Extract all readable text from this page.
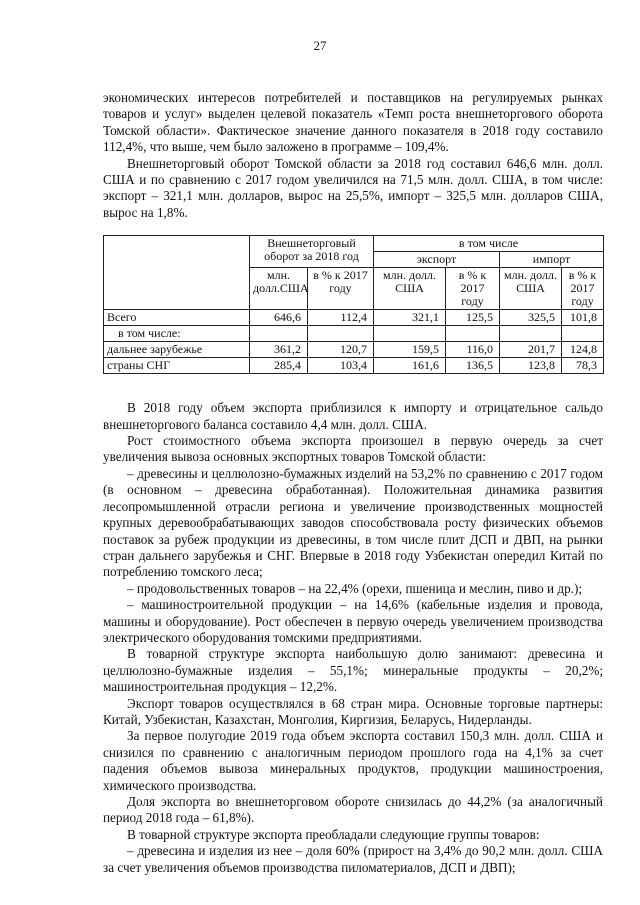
27

экономических интересов потребителей и поставщиков на регулируемых рынках товаров и услуг» выделен целевой показатель «Темп роста внешнеторгового оборота Томской области». Фактическое значение данного показателя в 2018 году составило 112,4%, что выше, чем было заложено в программе – 109,4%.

Внешнеторговый оборот Томской области за 2018 год составил 646,6 млн. долл. США и по сравнению с 2017 годом увеличился на 71,5 млн. долл. США, в том числе: экспорт – 321,1 млн. долларов, вырос на 25,5%, импорт – 325,5 млн. долларов США, вырос на 1,8%.

	Внешнеторговый оборот за 2018 год		в том числе			
			экспорт		импорт	
	млн. долл.США	в % к 2017 году	млн. долл. США	в % к 2017 году	млн. долл. США	в % к 2017 году
Всего	646,6	112,4	321,1	125,5	325,5	101,8
в том числе:						
дальнее зарубежье	361,2	120,7	159,5	116,0	201,7	124,8
страны СНГ	285,4	103,4	161,6	136,5	123,8	78,3

В 2018 году объем экспорта приблизился к импорту и отрицательное сальдо внешнеторгового баланса составило 4,4 млн. долл. США.

Рост стоимостного объема экспорта произошел в первую очередь за счет увеличения вывоза основных экспортных товаров Томской области:

– древесины и целлюлозно-бумажных изделий на 53,2% по сравнению с 2017 годом (в основном – древесина обработанная). Положительная динамика развития лесопромышленной отрасли региона и увеличение производственных мощностей крупных деревообрабатывающих заводов способствовала росту физических объемов поставок за рубеж продукции из древесины, в том числе плит ДСП и ДВП, на рынки стран дальнего зарубежья и СНГ. Впервые в 2018 году Узбекистан опередил Китай по потреблению томского леса;

– продовольственных товаров – на 22,4% (орехи, пшеница и меслин, пиво и др.);

– машиностроительной продукции – на 14,6% (кабельные изделия и провода, машины и оборудование). Рост обеспечен в первую очередь увеличением производства электрического оборудования томскими предприятиями.

В товарной структуре экспорта наибольшую долю занимают: древесина и целлюлозно-бумажные изделия – 55,1%; минеральные продукты – 20,2%; машиностроительная продукция – 12,2%.

Экспорт товаров осуществлялся в 68 стран мира. Основные торговые партнеры: Китай, Узбекистан, Казахстан, Монголия, Киргизия, Беларусь, Нидерланды.

За первое полугодие 2019 года объем экспорта составил 150,3 млн. долл. США и снизился по сравнению с аналогичным периодом прошлого года на 4,1% за счет падения объемов вывоза минеральных продуктов, продукции машиностроения, химического производства.

Доля экспорта во внешнеторговом обороте снизилась до 44,2% (за аналогичный период 2018 года – 61,8%).

В товарной структуре экспорта преобладали следующие группы товаров:

– древесина и изделия из нее – доля 60% (прирост на 3,4% до 90,2 млн. долл. США за счет увеличения объемов производства пиломатериалов, ДСП и ДВП);
